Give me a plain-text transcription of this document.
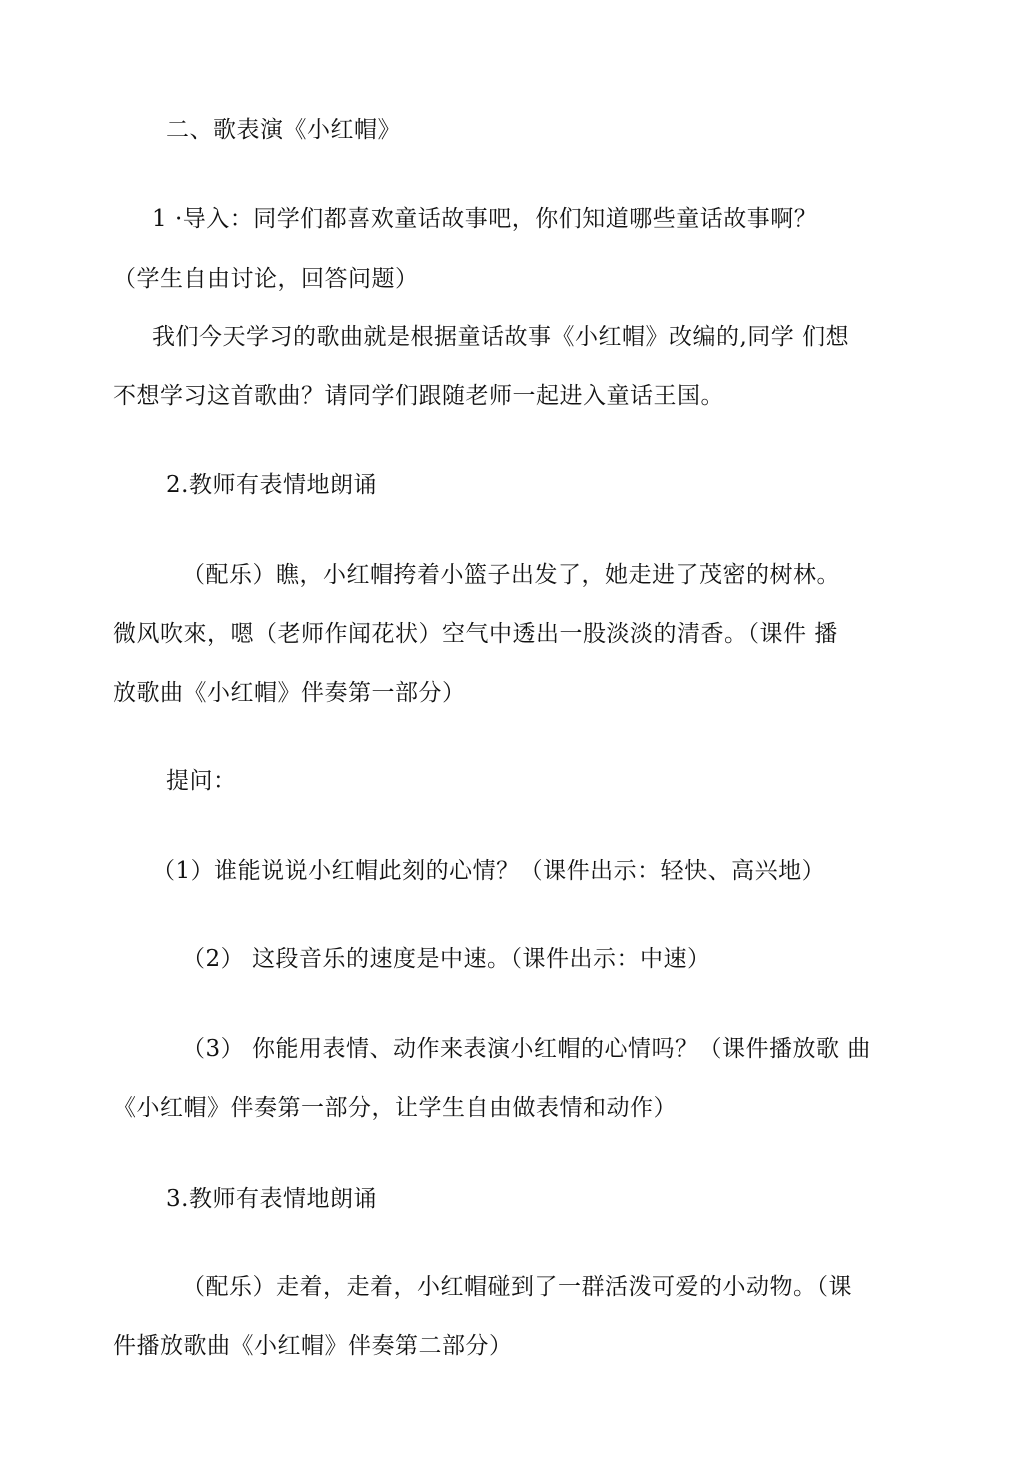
二、歌表演《小红帽》
1 ·导入：同学们都喜欢童话故事吧，你们知道哪些童话故事啊？
（学生自由讨论，回答问题）
我们今天学习的歌曲就是根据童话故事《小红帽》改编的,同学 们想
不想学习这首歌曲？请同学们跟随老师一起进入童话王国。
2.教师有表情地朗诵
（配乐）瞧，小红帽挎着小篮子出发了，她走进了茂密的树林。
微风吹來，嗯（老师作闻花状）空气中透出一股淡淡的清香。（课件 播
放歌曲《小红帽》伴奏第一部分）
提问：
（1）谁能说说小红帽此刻的心情？（课件出示：轻快、高兴地）
（2） 这段音乐的速度是中速。（课件出示：中速）
（3） 你能用表情、动作来表演小红帽的心情吗？（课件播放歌 曲
《小红帽》伴奏第一部分，让学生自由做表情和动作）
3.教师有表情地朗诵
（配乐）走着，走着，小红帽碰到了一群活泼可爱的小动物。（课
件播放歌曲《小红帽》伴奏第二部分）
